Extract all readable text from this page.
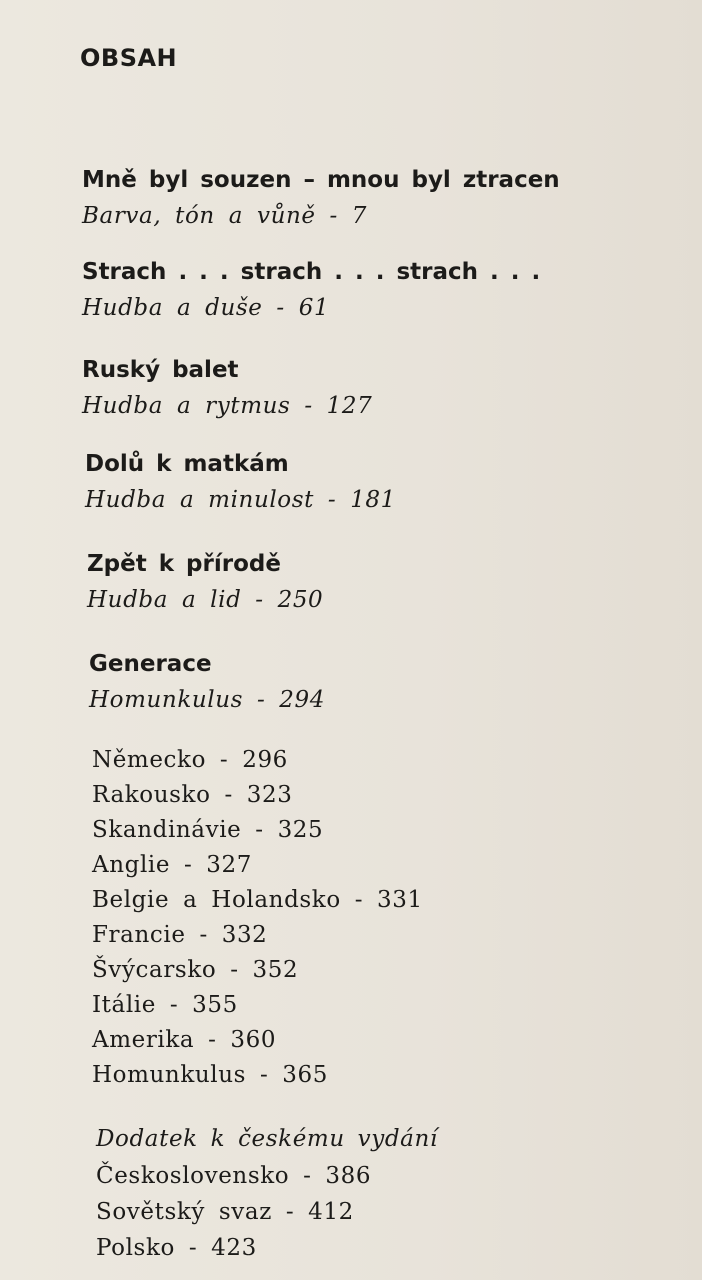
OBSAH
Mně byl souzen – mnou byl ztracen
Barva, tón a vůně - 7
Strach . . . strach . . . strach . . .
Hudba a duše - 61
Ruský balet
Hudba a rytmus - 127
Dolů k matkám
Hudba a minulost - 181
Zpět k přírodě
Hudba a lid - 250
Generace
Homunkulus - 294
Německo - 296
Rakousko - 323
Skandinávie - 325
Anglie - 327
Belgie a Holandsko - 331
Francie - 332
Švýcarsko - 352
Itálie - 355
Amerika - 360
Homunkulus - 365
Dodatek k českému vydání
Československo - 386
Sovětský svaz - 412
Polsko - 423
